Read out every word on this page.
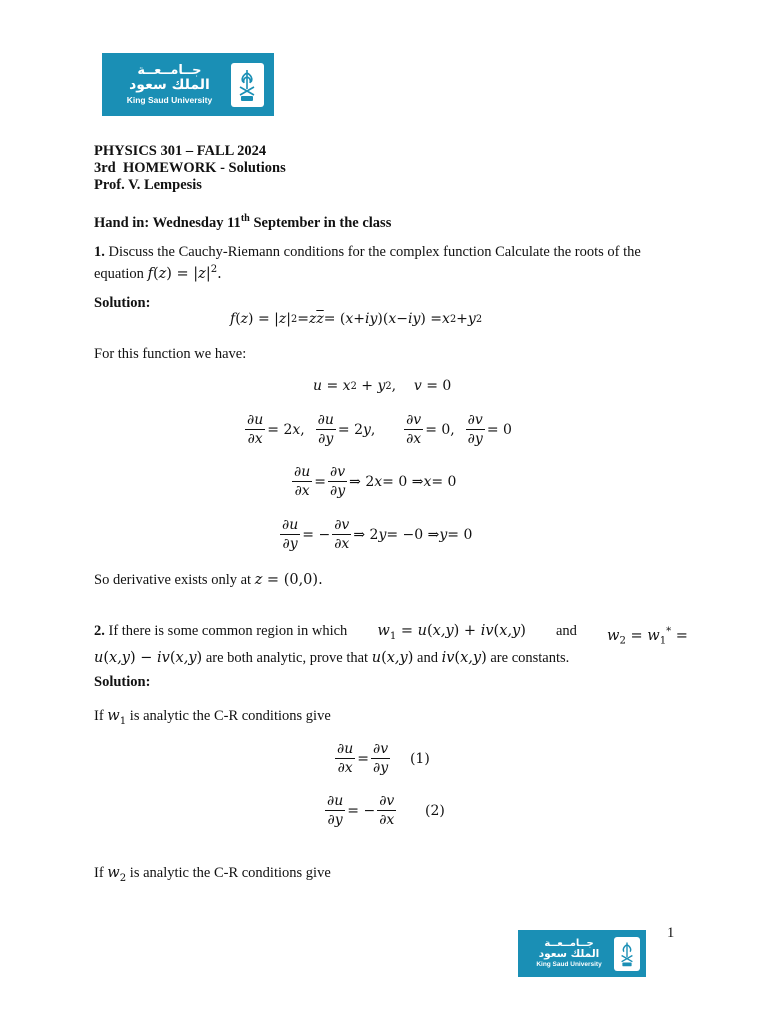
جــامــعــة
الملك سعود
King Saud University
PHYSICS 301 – FALL 2024
3rd HOMEWORK - Solutions
Prof. V. Lempesis
Hand in: Wednesday 11th September in the class
1. Discuss the Cauchy-Riemann conditions for the complex function Calculate the roots of the
equation $f(z) = |z|^2$.
Solution:
f ( z ) = | z | 2 = z $\overline{z}$ = ( x + iy )( x − iy ) = x 2 + y 2
For this function we have:
u = x 2 + y 2 , v = 0
$\frac{\partial u}{\partial x} = 2$ x , $\frac{\partial u}{\partial y} = 2$ y , $\frac{\partial v}{\partial x} = 0$, $\frac{\partial v}{\partial y} = 0$
$\frac{\partial u}{\partial x} = \frac{\partial v}{\partial y}$ ⇒ 2 x = 0 ⇒ x = 0
$\frac{\partial u}{\partial y}$ = − $\frac{\partial v}{\partial x}$ ⇒ 2 y = −0 ⇒ y = 0
So derivative exists only at z = (0,0).
2. If there is some common region in which $w_1 = u(x,y) + iv(x,y)$ and $w_2 = w_1^*$ =
u(x,y) − iv(x,y) are both analytic, prove that u(x,y) and iv(x,y) are constants.
Solution:
If $w_1$ is analytic the C-R conditions give
$\frac{\partial u}{\partial x} = \frac{\partial v}{\partial y}$
(1)
$\frac{\partial u}{\partial y}$ = − $\frac{\partial v}{\partial x}$
(2)
If $w_2$ is analytic the C-R conditions give
1
جــامــعــة
الملك سعود
King Saud University
